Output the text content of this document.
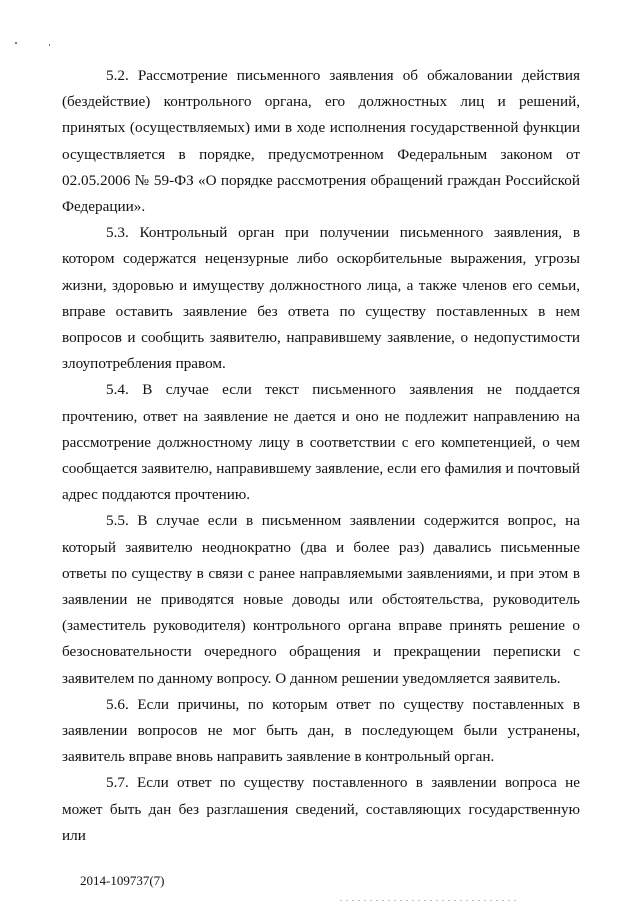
5.2. Рассмотрение письменного заявления об обжаловании действия (бездействие) контрольного органа, его должностных лиц и решений, принятых (осуществляемых) ими в ходе исполнения государственной функции осуществляется в порядке, предусмотренном Федеральным законом от 02.05.2006 № 59-ФЗ «О порядке рассмотрения обращений граждан Российской Федерации».

5.3. Контрольный орган при получении письменного заявления, в котором содержатся нецензурные либо оскорбительные выражения, угрозы жизни, здоровью и имуществу должностного лица, а также членов его семьи, вправе оставить заявление без ответа по существу поставленных в нем вопросов и сообщить заявителю, направившему заявление, о недопустимости злоупотребления правом.

5.4. В случае если текст письменного заявления не поддается прочтению, ответ на заявление не дается и оно не подлежит направлению на рассмотрение должностному лицу в соответствии с его компетенцией, о чем сообщается заявителю, направившему заявление, если его фамилия и почтовый адрес поддаются прочтению.

5.5. В случае если в письменном заявлении содержится вопрос, на который заявителю неоднократно (два и более раз) давались письменные ответы по существу в связи с ранее направляемыми заявлениями, и при этом в заявлении не приводятся новые доводы или обстоятельства, руководитель (заместитель руководителя) контрольного органа вправе принять решение о безосновательности очередного обращения и прекращении переписки с заявителем по данному вопросу. О данном решении уведомляется заявитель.

5.6. Если причины, по которым ответ по существу поставленных в заявлении вопросов не мог быть дан, в последующем были устранены, заявитель вправе вновь направить заявление в контрольный орган.

5.7. Если ответ по существу поставленного в заявлении вопроса не может быть дан без разглашения сведений, составляющих государственную или

2014-109737(7)
